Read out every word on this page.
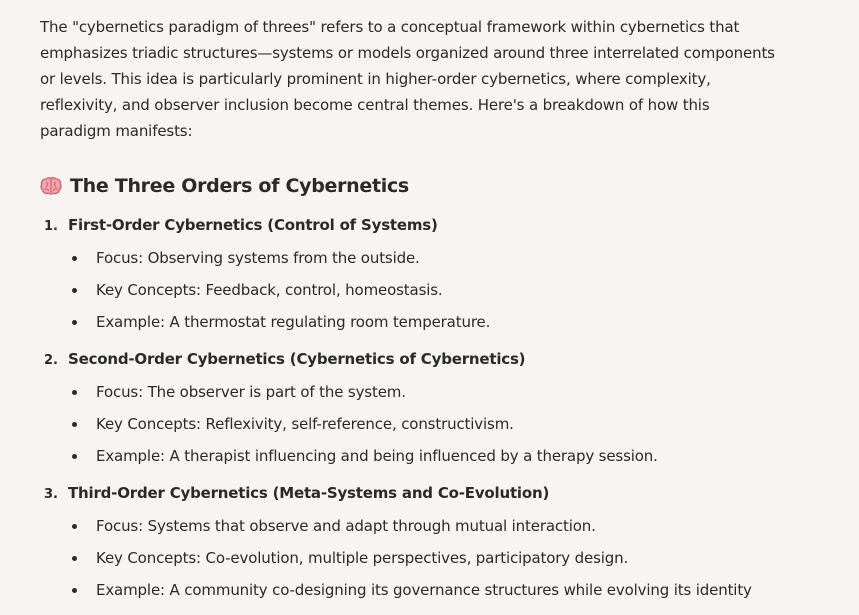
The "cybernetics paradigm of threes" refers to a conceptual framework within cybernetics that emphasizes triadic structures—systems or models organized around three interrelated components or levels. This idea is particularly prominent in higher-order cybernetics, where complexity, reflexivity, and observer inclusion become central themes. Here's a breakdown of how this paradigm manifests:

The Three Orders of Cybernetics
1. First-Order Cybernetics (Control of Systems)
Focus: Observing systems from the outside.
Key Concepts: Feedback, control, homeostasis.
Example: A thermostat regulating room temperature.
2. Second-Order Cybernetics (Cybernetics of Cybernetics)
Focus: The observer is part of the system.
Key Concepts: Reflexivity, self-reference, constructivism.
Example: A therapist influencing and being influenced by a therapy session.
3. Third-Order Cybernetics (Meta-Systems and Co-Evolution)
Focus: Systems that observe and adapt through mutual interaction.
Key Concepts: Co-evolution, multiple perspectives, participatory design.
Example: A community co-designing its governance structures while evolving its identity
